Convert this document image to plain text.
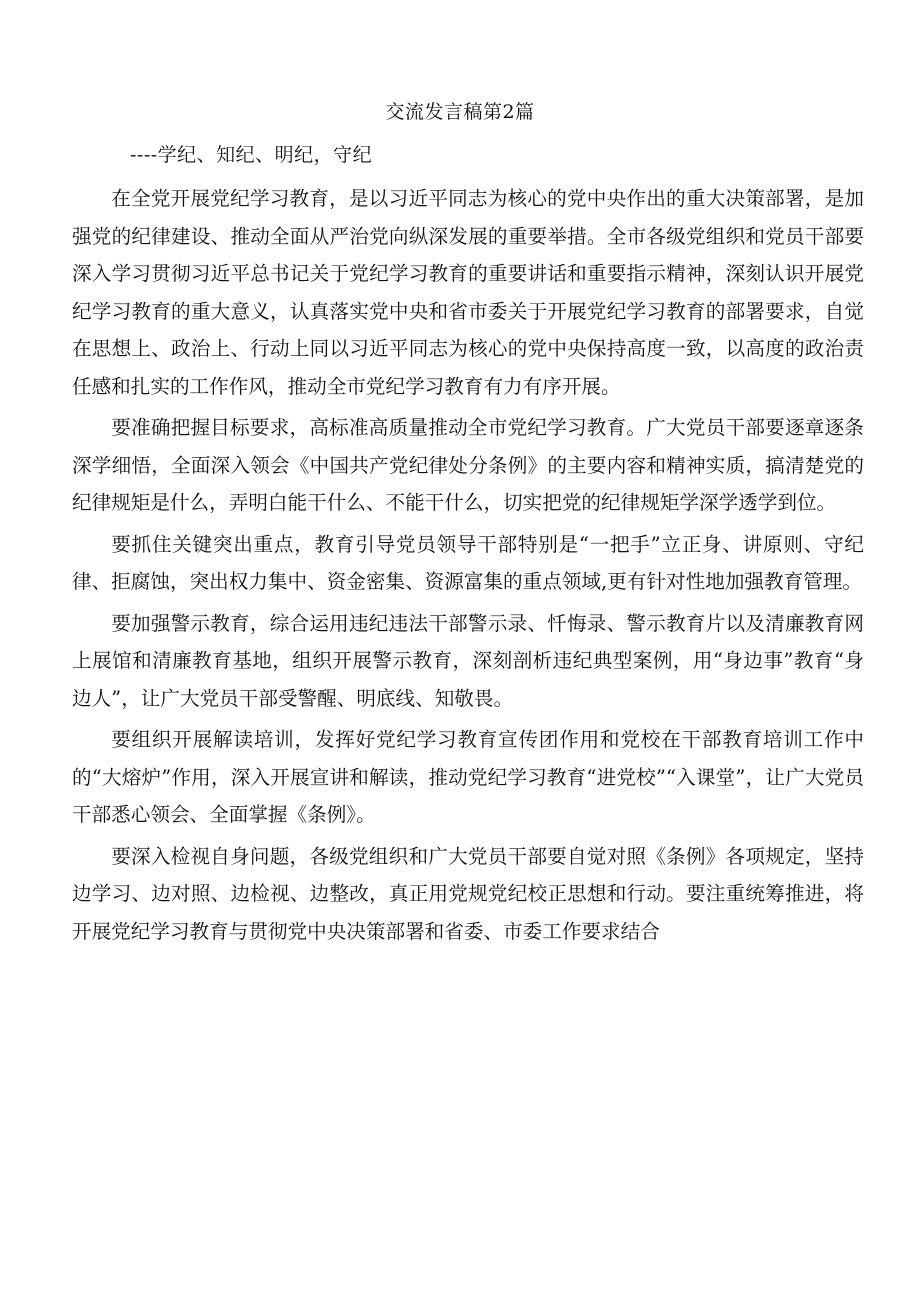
交流发言稿第2篇
----学纪、知纪、明纪，守纪

在全党开展党纪学习教育，是以习近平同志为核心的党中央作出的重大决策部署，是加强党的纪律建设、推动全面从严治党向纵深发展的重要举措。全市各级党组织和党员干部要深入学习贯彻习近平总书记关于党纪学习教育的重要讲话和重要指示精神，深刻认识开展党纪学习教育的重大意义，认真落实党中央和省市委关于开展党纪学习教育的部署要求，自觉在思想上、政治上、行动上同以习近平同志为核心的党中央保持高度一致，以高度的政治责任感和扎实的工作作风，推动全市党纪学习教育有力有序开展。

要准确把握目标要求，高标准高质量推动全市党纪学习教育。广大党员干部要逐章逐条深学细悟，全面深入领会《中国共产党纪律处分条例》的主要内容和精神实质，搞清楚党的纪律规矩是什么，弄明白能干什么、不能干什么，切实把党的纪律规矩学深学透学到位。

要抓住关键突出重点，教育引导党员领导干部特别是“一把手”立正身、讲原则、守纪律、拒腐蚀，突出权力集中、资金密集、资源富集的重点领域,更有针对性地加强教育管理。

要加强警示教育，综合运用违纪违法干部警示录、忏悔录、警示教育片以及清廉教育网上展馆和清廉教育基地，组织开展警示教育，深刻剖析违纪典型案例，用“身边事”教育“身边人”，让广大党员干部受警醒、明底线、知敬畏。

要组织开展解读培训，发挥好党纪学习教育宣传团作用和党校在干部教育培训工作中的“大熔炉”作用，深入开展宣讲和解读，推动党纪学习教育“进党校”“入课堂”，让广大党员干部悉心领会、全面掌握《条例》。

要深入检视自身问题，各级党组织和广大党员干部要自觉对照《条例》各项规定，坚持边学习、边对照、边检视、边整改，真正用党规党纪校正思想和行动。要注重统筹推进，将开展党纪学习教育与贯彻党中央决策部署和省委、市委工作要求结合
